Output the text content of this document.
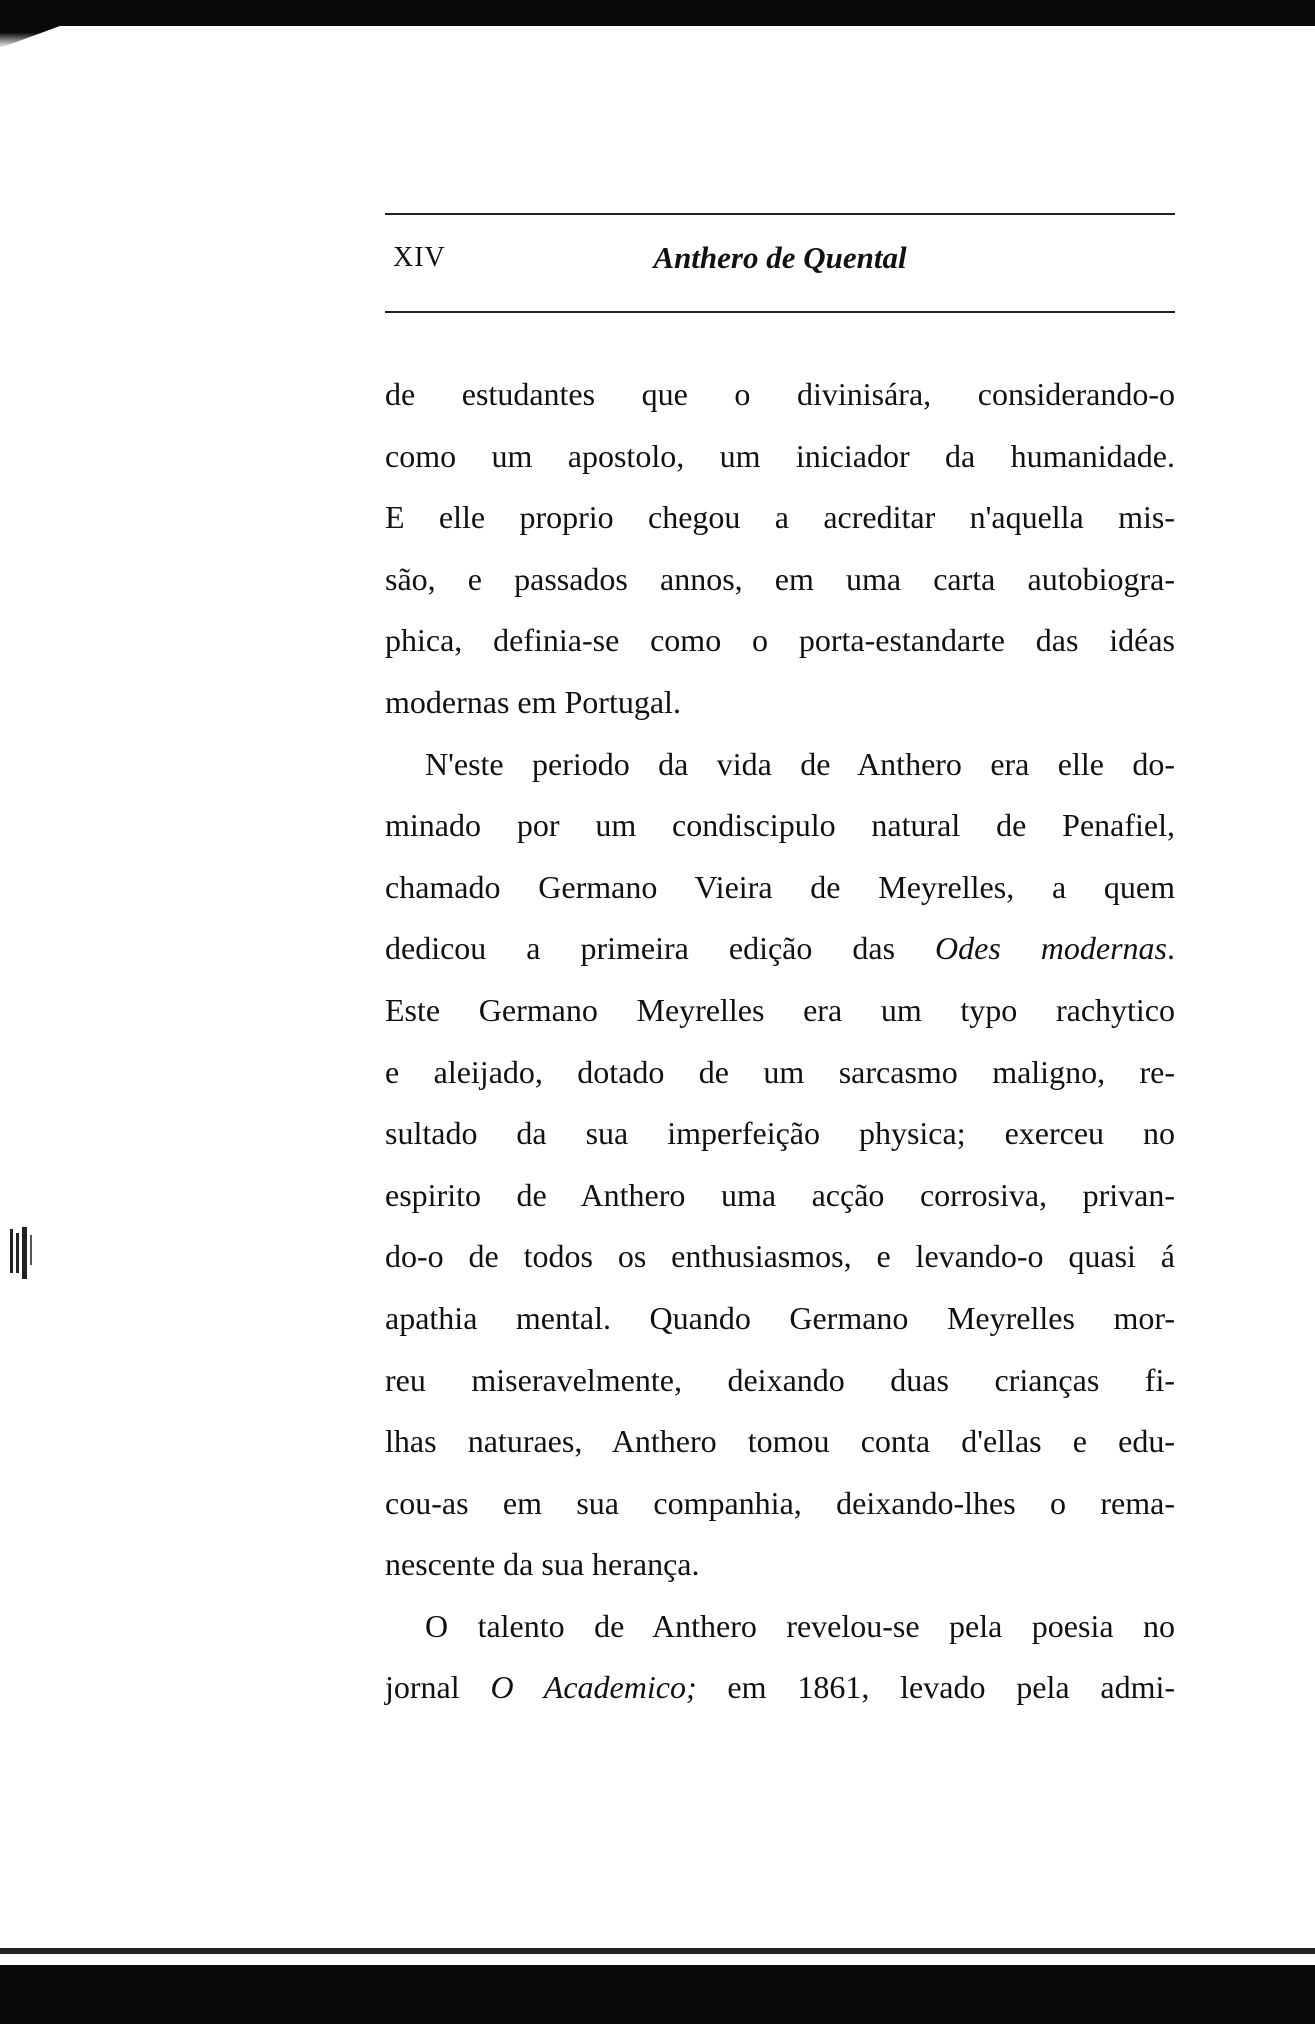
XIV	Anthero de Quental
de estudantes que o divinisára, considerando-o
como um apostolo, um iniciador da humanidade.
E elle proprio chegou a acreditar n'aquella mis-
são, e passados annos, em uma carta autobiogra-
phica, definia-se como o porta-estandarte das idéas
modernas em Portugal.
N'este periodo da vida de Anthero era elle do-
minado por um condiscipulo natural de Penafiel,
chamado Germano Vieira de Meyrelles, a quem
dedicou a primeira edição das Odes modernas.
Este Germano Meyrelles era um typo rachytico
e aleijado, dotado de um sarcasmo maligno, re-
sultado da sua imperfeição physica; exerceu no
espirito de Anthero uma acção corrosiva, privan-
do-o de todos os enthusiasmos, e levando-o quasi á
apathia mental. Quando Germano Meyrelles mor-
reu miseravelmente, deixando duas crianças fi-
lhas naturaes, Anthero tomou conta d'ellas e edu-
cou-as em sua companhia, deixando-lhes o rema-
nescente da sua herança.
O talento de Anthero revelou-se pela poesia no
jornal O Academico; em 1861, levado pela admi-
